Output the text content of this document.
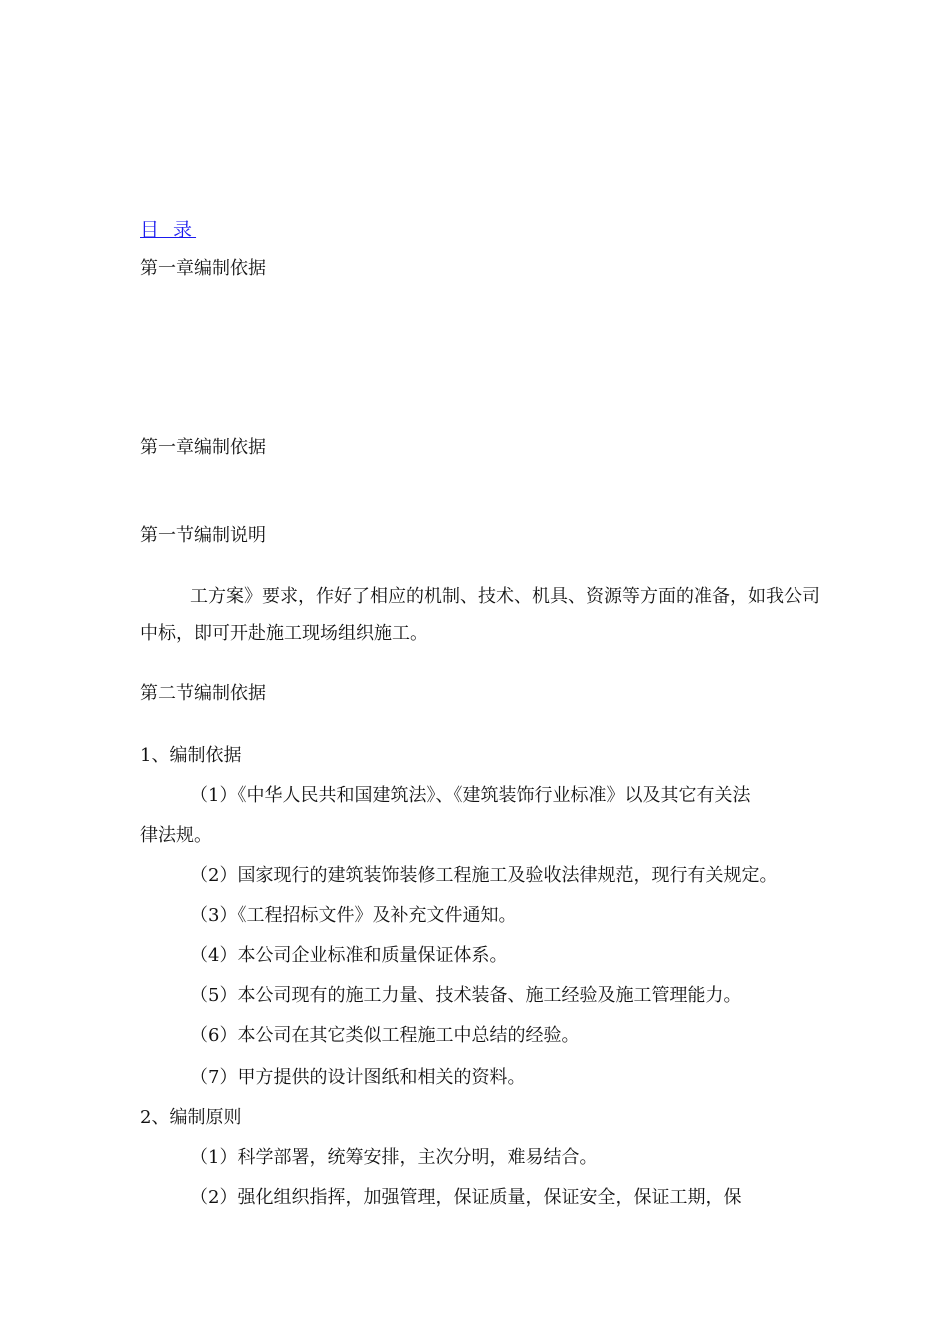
目 录
第一章编制依据
第一章编制依据
第一节编制说明
工方案》要求，作好了相应的机制、技术、机具、资源等方面的准备，如我公司中标，即可开赴施工现场组织施工。
第二节编制依据
1、编制依据
（1）《中华人民共和国建筑法》、《建筑装饰行业标准》以及其它有关法
律法规。
（2）国家现行的建筑装饰装修工程施工及验收法律规范，现行有关规定。
（3）《工程招标文件》及补充文件通知。
（4）本公司企业标准和质量保证体系。
（5）本公司现有的施工力量、技术装备、施工经验及施工管理能力。
（6）本公司在其它类似工程施工中总结的经验。
（7）甲方提供的设计图纸和相关的资料。
2、编制原则
（1）科学部署，统筹安排，主次分明，难易结合。
（2）强化组织指挥，加强管理，保证质量，保证安全，保证工期，保
